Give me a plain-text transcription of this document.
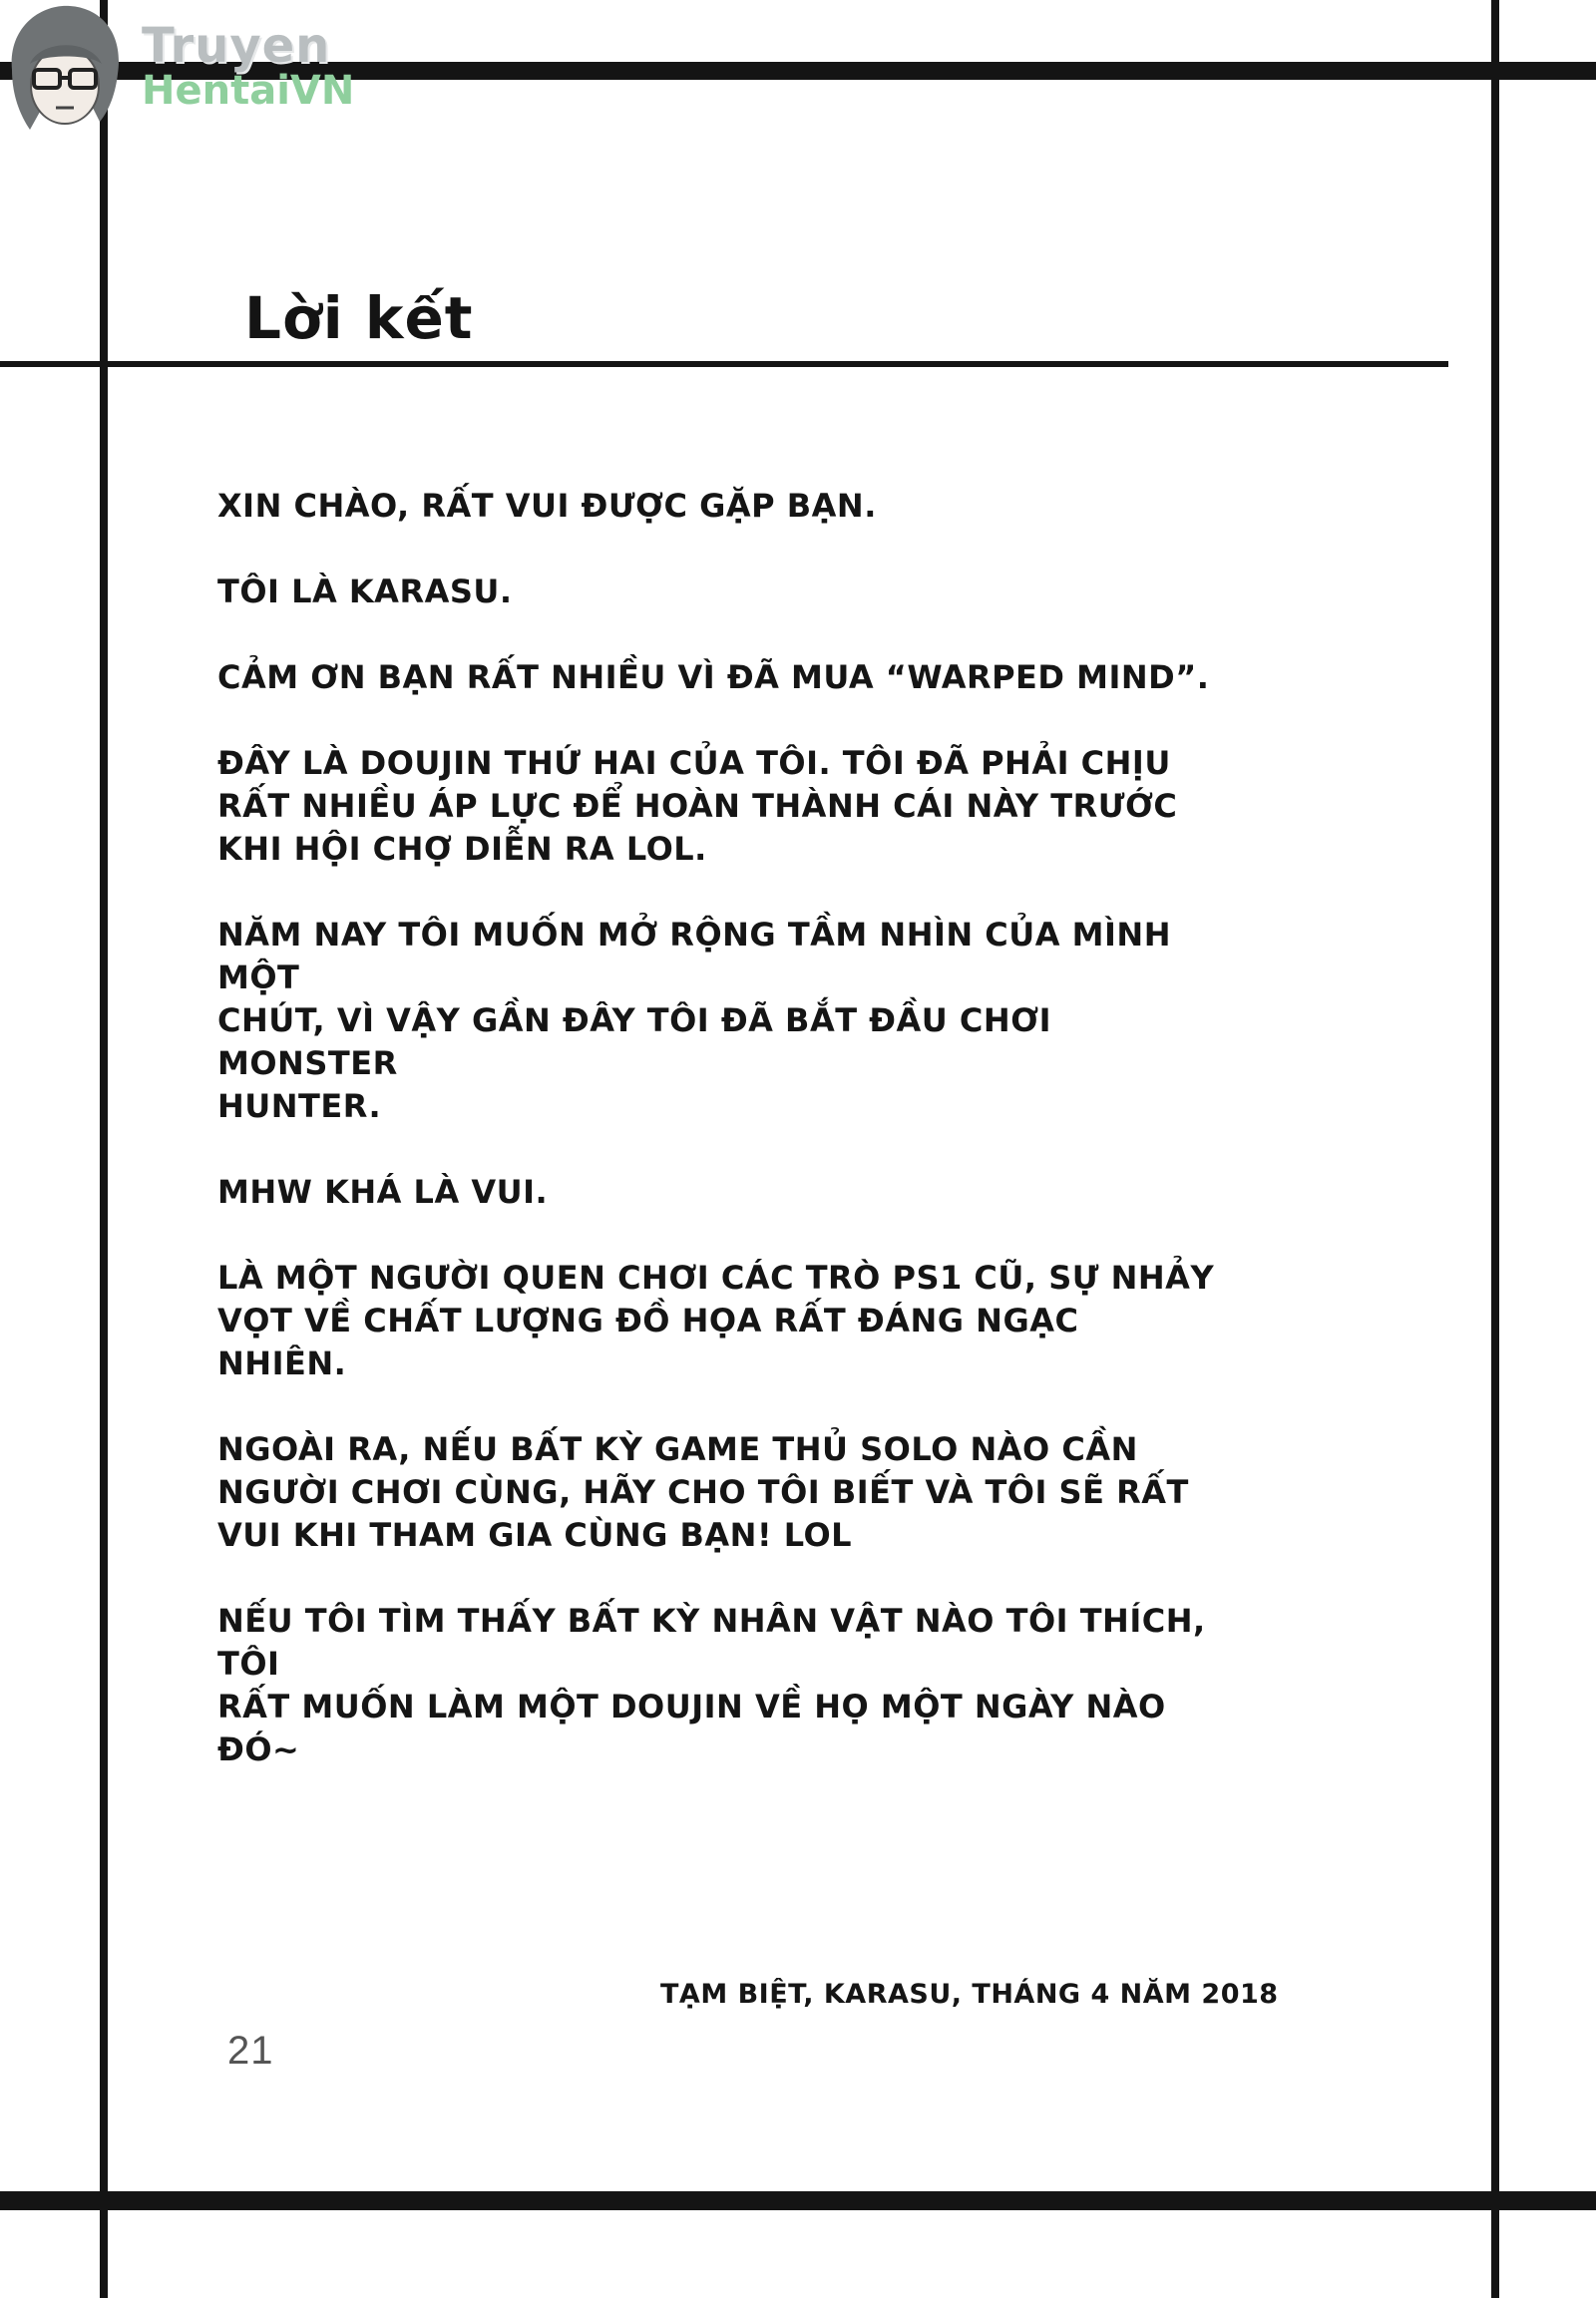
Truyen
HentaiVN
Lời kết

XIN CHÀO, RẤT VUI ĐƯỢC GẶP BẠN.

TÔI LÀ KARASU.

CẢM ƠN BẠN RẤT NHIỀU VÌ ĐÃ MUA “WARPED MIND”.

ĐÂY LÀ DOUJIN THỨ HAI CỦA TÔI. TÔI ĐÃ PHẢI CHỊU
RẤT NHIỀU ÁP LỰC ĐỂ HOÀN THÀNH CÁI NÀY TRƯỚC
KHI HỘI CHỢ DIỄN RA LOL.

NĂM NAY TÔI MUỐN MỞ RỘNG TẦM NHÌN CỦA MÌNH MỘT
CHÚT, VÌ VẬY GẦN ĐÂY TÔI ĐÃ BẮT ĐẦU CHƠI MONSTER
HUNTER.

MHW KHÁ LÀ VUI.

LÀ MỘT NGƯỜI QUEN CHƠI CÁC TRÒ PS1 CŨ, SỰ NHẢY
VỌT VỀ CHẤT LƯỢNG ĐỒ HỌA RẤT ĐÁNG NGẠC NHIÊN.

NGOÀI RA, NẾU BẤT KỲ GAME THỦ SOLO NÀO CẦN
NGƯỜI CHƠI CÙNG, HÃY CHO TÔI BIẾT VÀ TÔI SẼ RẤT
VUI KHI THAM GIA CÙNG BẠN! LOL

NẾU TÔI TÌM THẤY BẤT KỲ NHÂN VẬT NÀO TÔI THÍCH, TÔI
RẤT MUỐN LÀM MỘT DOUJIN VỀ HỌ MỘT NGÀY NÀO
ĐÓ~

TẠM BIỆT, KARASU, THÁNG 4 NĂM 2018
21
